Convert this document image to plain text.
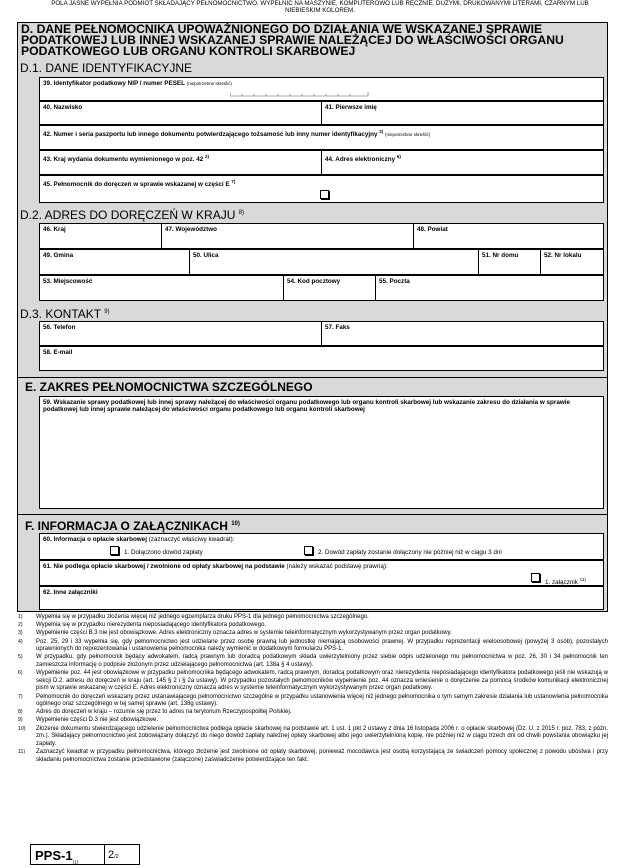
POLA JASNE WYPEŁNIA PODMIOT SKŁADAJĄCY PEŁNOMOCNICTWO. WYPEŁNIĆ NA MASZYNIE, KOMPUTEROWO LUB RĘCZNIE, DUŻYMI, DRUKOWANYMI LITERAMI, CZARNYM LUB NIEBIESKIM KOLOREM.
D. DANE PEŁNOMOCNIKA UPOWAŻNIONEGO DO DZIAŁANIA WE WSKAZANEJ SPRAWIE PODATKOWEJ LUB INNEJ WSKAZANEJ SPRAWIE NALEŻĄCEJ DO WŁAŚCIWOŚCI ORGANU PODATKOWEGO LUB ORGANU KONTROLI SKARBOWEJ
D.1. DANE IDENTYFIKACYJNE
39. Identyfikator podatkowy NIP / numer PESEL (niepotrzebne skreślić)
40. Nazwisko	41. Pierwsze imię
42. Numer i seria paszportu lub innego dokumentu potwierdzającego tożsamość lub inny numer identyfikacyjny $^{2)}$ (niepotrzebne skreślić)
43. Kraj wydania dokumentu wymienionego w poz. 42 $^{2)}$	44. Adres elektroniczny $^{6)}$
45. Pełnomocnik do doręczeń w sprawie wskazanej w części E $^{7)}$
D.2. ADRES DO DORĘCZEŃ W KRAJU $^{8)}$
46. Kraj	47. Województwo	48. Powiat
49. Gmina	50. Ulica	51. Nr domu	52. Nr lokalu
53. Miejscowość	54. Kod pocztowy	55. Poczta
D.3. KONTAKT $^{9)}$
56. Telefon	57. Faks
58. E-mail
E. ZAKRES PEŁNOMOCNICTWA SZCZEGÓLNEGO
59. Wskazanie sprawy podatkowej lub innej sprawy należącej do właściwości organu podatkowego lub organu kontroli skarbowej lub wskazanie zakresu do działania w sprawie podatkowej lub innej sprawie należącej do właściwości organu podatkowego lub organu kontroli skarbowej
F. INFORMACJA O ZAŁĄCZNIKACH $^{10)}$
60. Informacja o opłacie skarbowej (zaznaczyć właściwy kwadrat):
1. Dołączono dowód zapłaty	2. Dowód zapłaty zostanie dołączony nie później niż w ciągu 3 dni
61. Nie podlega opłacie skarbowej / zwolnione od opłaty skarbowej na podstawie (należy wskazać podstawę prawną):
1. załącznik $^{11)}$
62. Inne załączniki
1)	Wypełnia się w przypadku złożenia więcej niż jednego egzemplarza druku PPS-1 dla jednego pełnomocnictwa szczególnego.
2)	Wypełnia się w przypadku nierezydenta nieposiadającego identyfikatora podatkowego.
3)	Wypełnienie części B.3 nie jest obowiązkowe. Adres elektroniczny oznacza adres w systemie teleinformatycznym wykorzystywanym przez organ podatkowy.
4)	Poz. 25, 29 i 33 wypełnia się, gdy pełnomocnictwo jest udzielane przez osobę prawną lub jednostkę niemającą osobowości prawnej. W przypadku reprezentacji wieloosobowej (powyżej 3 osób), pozostałych uprawnionych do reprezentowania i ustanowienia pełnomocnika należy wymienić w dodatkowym formularzu PPS-1.
5)	W przypadku, gdy pełnomocnik będący adwokatem, radcą prawnym lub doradcą podatkowym składa uwierzytelniony przez siebie odpis udzielonego mu pełnomocnictwa w poz. 26, 30 i 34 pełnomocnik ten zamieszcza informację o podpisie złożonym przez udzielającego pełnomocnictwa (art. 138a § 4 ustawy).
6)	Wypełnienie poz. 44 jest obowiązkowe w przypadku pełnomocnika będącego adwokatem, radcą prawnym, doradcą podatkowym oraz nierezydenta nieposiadającego identyfikatora podatkowego jeśli nie wskazują w sekcji D.2. adresu do doręczeń w kraju (art. 145 § 2 i § 2a ustawy). W przypadku pozostałych pełnomocników wypełnienie poz. 44 oznacza wniesienie o doręczenie za pomocą środków komunikacji elektronicznej pism w sprawie wskazanej w części E. Adres elektroniczny oznacza adres w systemie teleinformatycznym wykorzystywanym przez organ podatkowy.
7)	Pełnomocnik do doręczeń wskazany przez ustanawiającego pełnomocnictwo szczególne w przypadku ustanowienia więcej niż jednego pełnomocnika o tym samym zakresie działania lub ustanowienia pełnomocnika ogólnego oraz szczególnego w tej samej sprawie (art. 138g ustawy).
8)	Adres do doręczeń w kraju – rozumie się przez to adres na terytorium Rzeczypospolitej Polskiej.
9)	Wypełnienie części D.3 nie jest obowiązkowe.
10)	Złożenie dokumentu stwierdzającego udzielenie pełnomocnictwa podlega opłacie skarbowej na podstawie art. 1 ust. 1 pkt 2 ustawy z dnia 16 listopada 2006 r. o opłacie skarbowej (Dz. U. z 2015 r. poz. 783, z późn. zm.). Składający pełnomocnictwo jest zobowiązany dołączyć do niego dowód zapłaty należnej opłaty skarbowej albo jego uwierzytelnioną kopię, nie później niż w ciągu trzech dni od chwili powstania obowiązku jej zapłaty.
11)	Zaznaczyć kwadrat w przypadku pełnomocnictwa, którego złożenie jest zwolnione od opłaty skarbowej, ponieważ mocodawca jest osobą korzystającą ze świadczeń pomocy społecznej z powodu ubóstwa i przy składaniu pełnomocnictwa zostanie przedstawione (załączone) zaświadczenie potwierdzające ten fakt.
PPS-$1_{(1)}$
2/2
